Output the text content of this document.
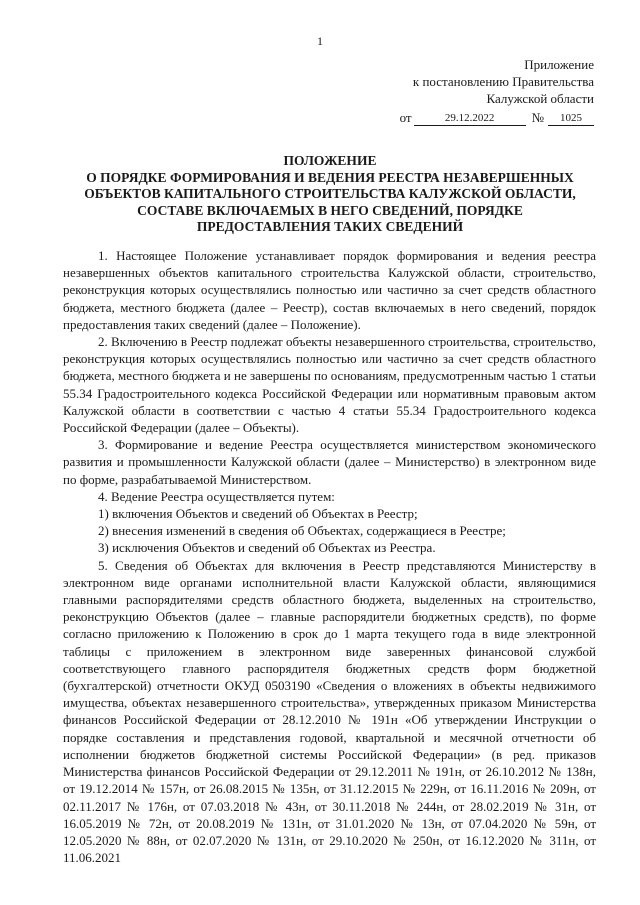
1
Приложение
к постановлению Правительства
Калужской области
от	29.12.2022	№	1025
ПОЛОЖЕНИЕ
О ПОРЯДКЕ ФОРМИРОВАНИЯ И ВЕДЕНИЯ РЕЕСТРА НЕЗАВЕРШЕННЫХ
ОБЪЕКТОВ КАПИТАЛЬНОГО СТРОИТЕЛЬСТВА КАЛУЖСКОЙ ОБЛАСТИ,
СОСТАВЕ ВКЛЮЧАЕМЫХ В НЕГО СВЕДЕНИЙ, ПОРЯДКЕ
ПРЕДОСТАВЛЕНИЯ ТАКИХ СВЕДЕНИЙ

1. Настоящее Положение устанавливает порядок формирования и ведения реестра незавершенных объектов капитального строительства Калужской области, строительство, реконструкция которых осуществлялись полностью или частично за счет средств областного бюджета, местного бюджета (далее – Реестр), состав включаемых в него сведений, порядок предоставления таких сведений (далее – Положение).

2. Включению в Реестр подлежат объекты незавершенного строительства, строительство, реконструкция которых осуществлялись полностью или частично за счет средств областного бюджета, местного бюджета и не завершены по основаниям, предусмотренным частью 1 статьи 55.34 Градостроительного кодекса Российской Федерации или нормативным правовым актом Калужской области в соответствии с частью 4 статьи 55.34 Градостроительного кодекса Российской Федерации (далее – Объекты).

3. Формирование и ведение Реестра осуществляется министерством экономического развития и промышленности Калужской области (далее – Министерство) в электронном виде по форме, разрабатываемой Министерством.

4. Ведение Реестра осуществляется путем:

1) включения Объектов и сведений об Объектах в Реестр;

2) внесения изменений в сведения об Объектах, содержащиеся в Реестре;

3) исключения Объектов и сведений об Объектах из Реестра.

5. Сведения об Объектах для включения в Реестр представляются Министерству в электронном виде органами исполнительной власти Калужской области, являющимися главными распорядителями средств областного бюджета, выделенных на строительство, реконструкцию Объектов (далее – главные распорядители бюджетных средств), по форме согласно приложению к Положению в срок до 1 марта текущего года в виде электронной таблицы с приложением в электронном виде заверенных финансовой службой соответствующего главного распорядителя бюджетных средств форм бюджетной (бухгалтерской) отчетности ОКУД 0503190 «Сведения о вложениях в объекты недвижимого имущества, объектах незавершенного строительства», утвержденных приказом Министерства финансов Российской Федерации от 28.12.2010 № 191н «Об утверждении Инструкции о порядке составления и представления годовой, квартальной и месячной отчетности об исполнении бюджетов бюджетной системы Российской Федерации» (в ред. приказов Министерства финансов Российской Федерации от 29.12.2011 № 191н, от 26.10.2012 № 138н, от 19.12.2014 № 157н, от 26.08.2015 № 135н, от 31.12.2015 № 229н, от 16.11.2016 № 209н, от 02.11.2017 № 176н, от 07.03.2018 № 43н, от 30.11.2018 № 244н, от 28.02.2019 № 31н, от 16.05.2019 № 72н, от 20.08.2019 № 131н, от 31.01.2020 № 13н, от 07.04.2020 № 59н, от 12.05.2020 № 88н, от 02.07.2020 № 131н, от 29.10.2020 № 250н, от 16.12.2020 № 311н, от 11.06.2021
